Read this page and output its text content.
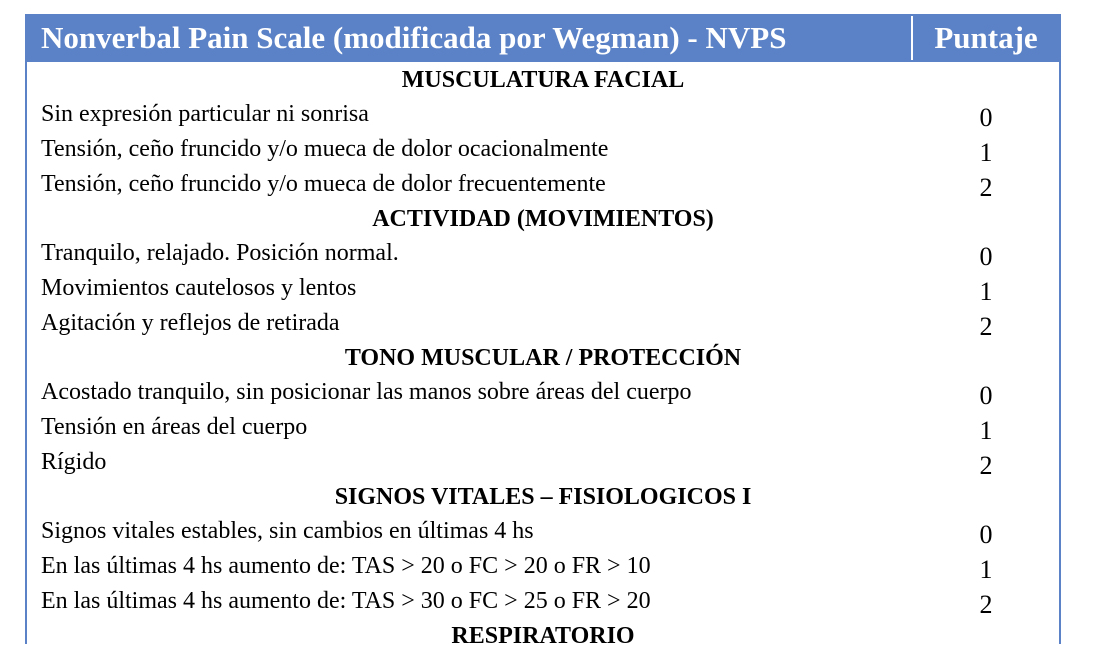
Nonverbal Pain Scale (modificada por Wegman) - NVPS	Puntaje
MUSCULATURA FACIAL
Sin expresión particular ni sonrisa	0
Tensión, ceño fruncido y/o mueca de dolor ocacionalmente	1
Tensión, ceño fruncido y/o mueca de dolor frecuentemente	2
ACTIVIDAD (MOVIMIENTOS)
Tranquilo, relajado. Posición normal.	0
Movimientos cautelosos y lentos	1
Agitación y reflejos de retirada	2
TONO MUSCULAR / PROTECCIÓN
Acostado tranquilo, sin posicionar las manos sobre áreas del cuerpo	0
Tensión en áreas del cuerpo	1
Rígido	2
SIGNOS VITALES – FISIOLOGICOS I
Signos vitales estables, sin cambios en últimas 4 hs	0
En las últimas 4 hs aumento de: TAS > 20 o FC > 20 o FR > 10	1
En las últimas 4 hs aumento de: TAS > 30 o FC > 25 o FR > 20	2
RESPIRATORIO
